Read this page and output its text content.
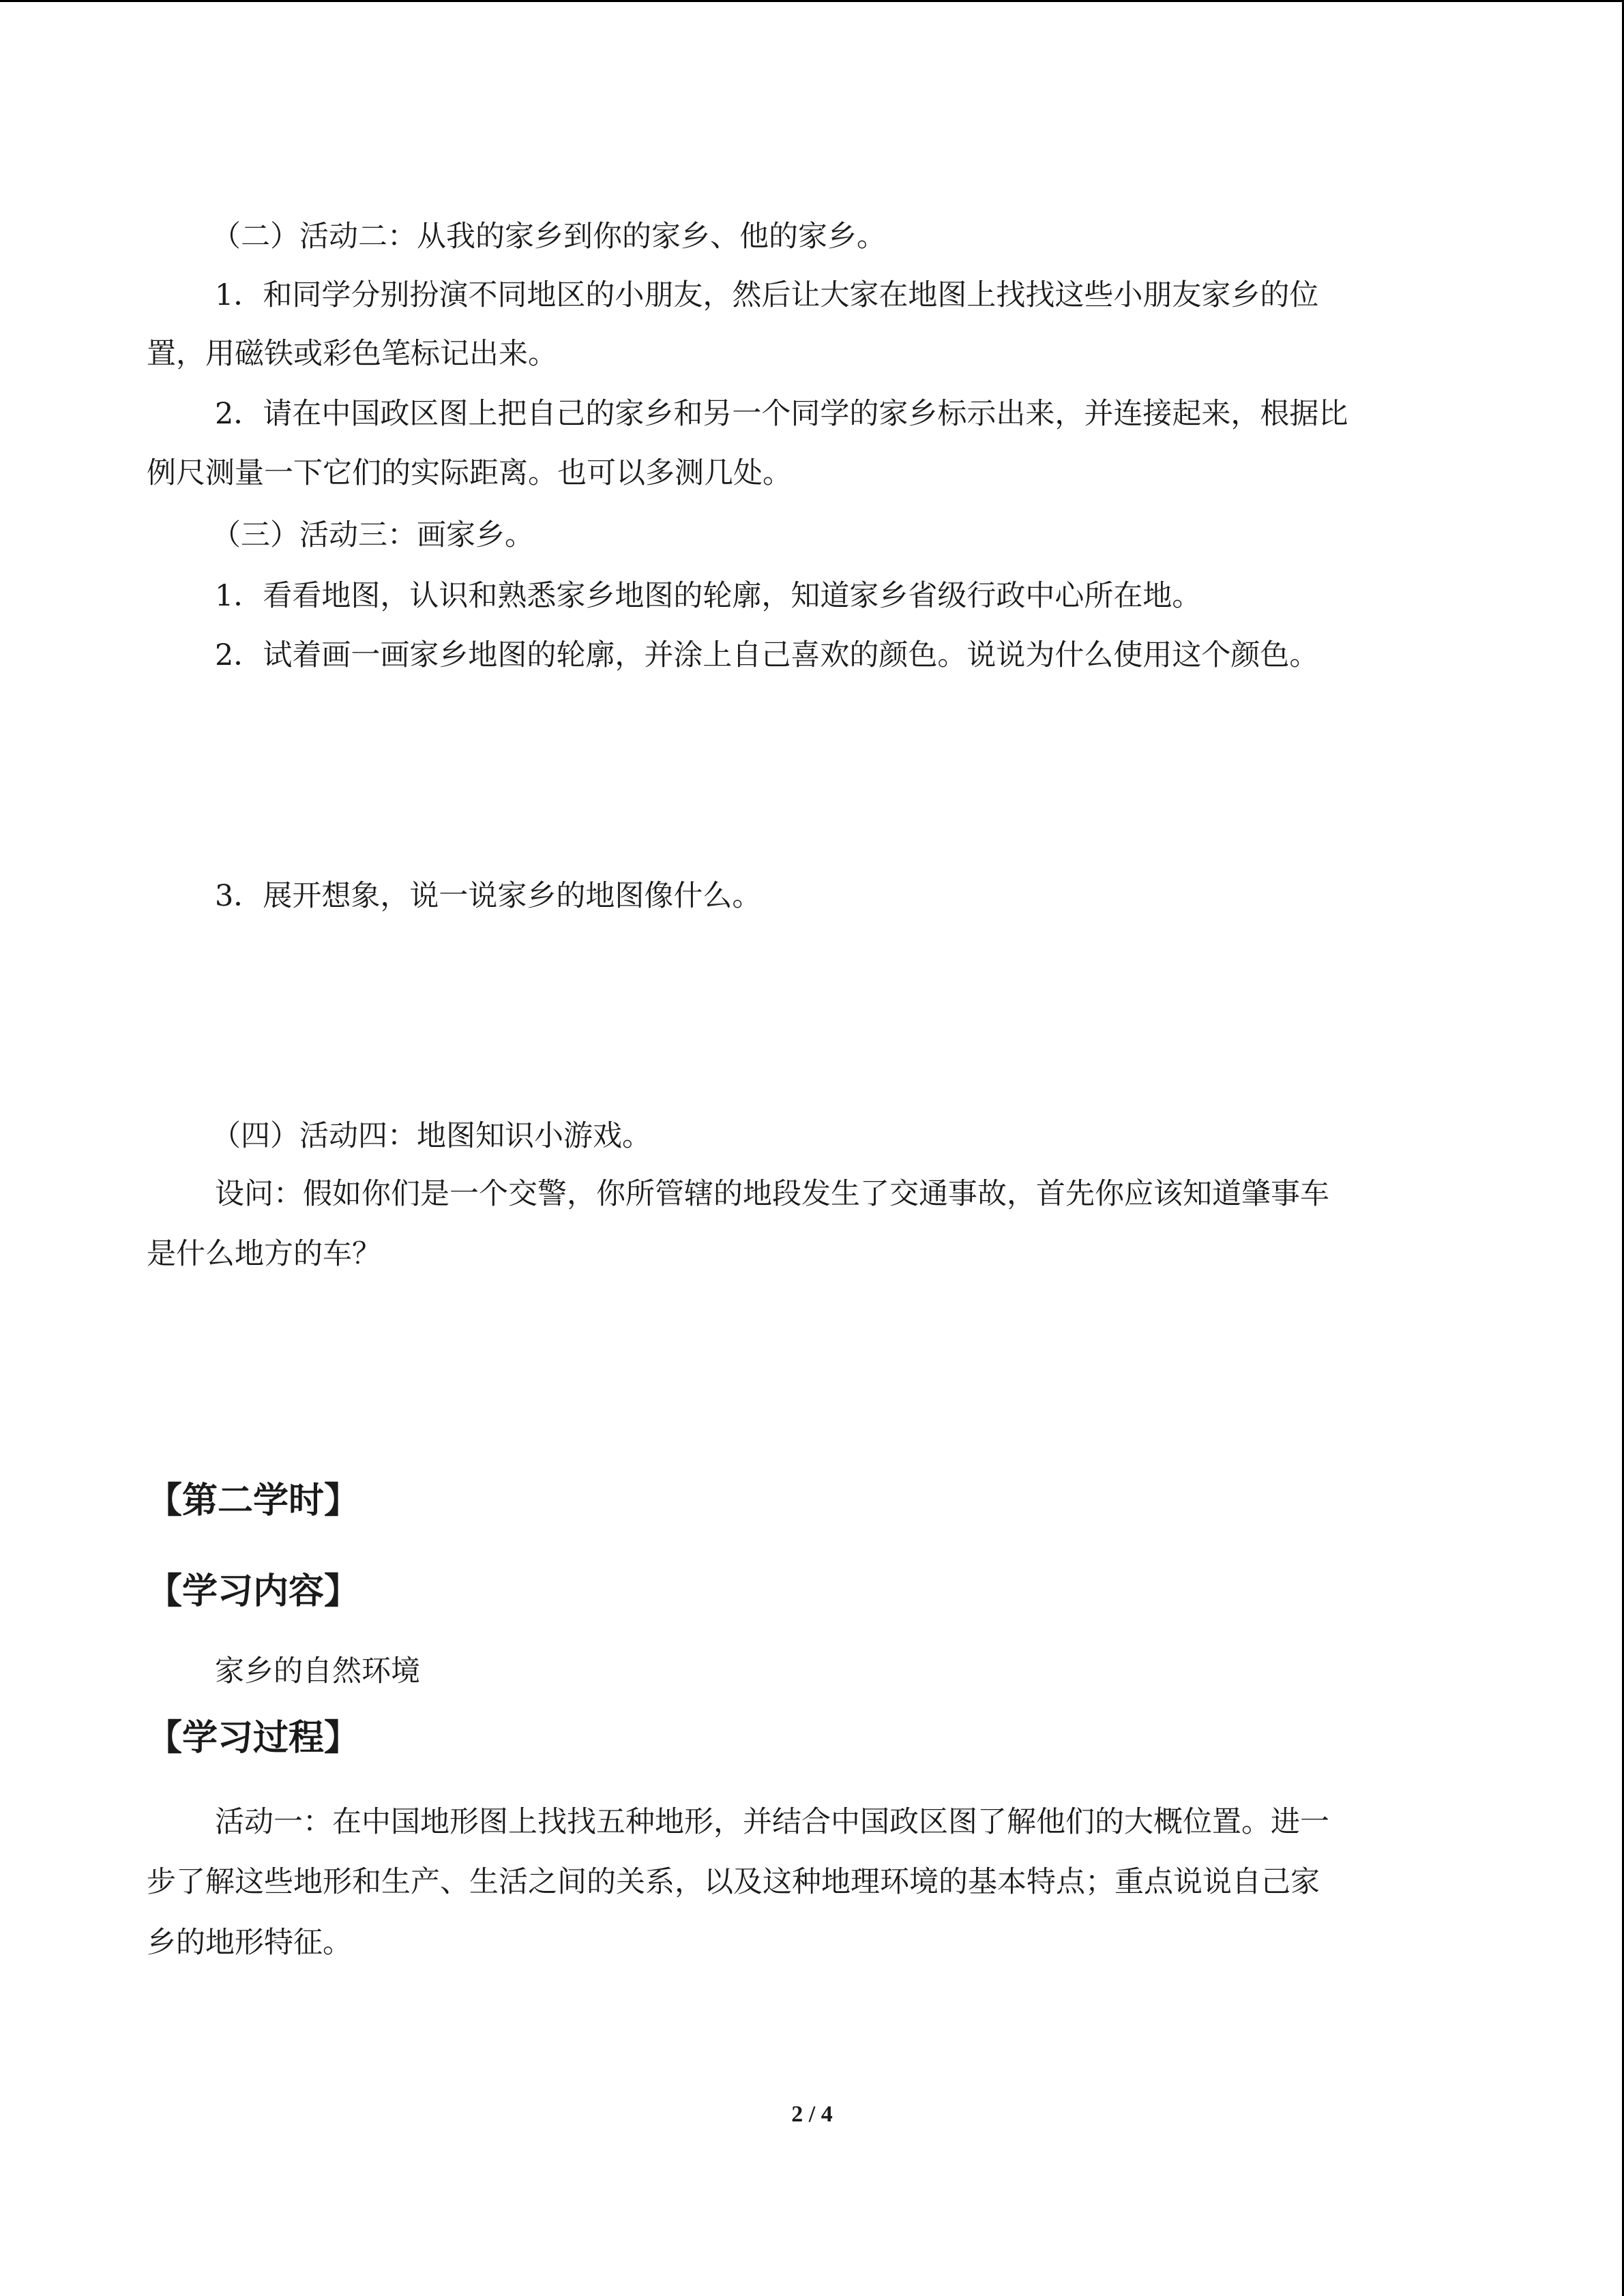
（二）活动二：从我的家乡到你的家乡、他的家乡。
1．和同学分别扮演不同地区的小朋友，然后让大家在地图上找找这些小朋友家乡的位
置，用磁铁或彩色笔标记出来。
2．请在中国政区图上把自己的家乡和另一个同学的家乡标示出来，并连接起来，根据比
例尺测量一下它们的实际距离。也可以多测几处。
（三）活动三：画家乡。
1．看看地图，认识和熟悉家乡地图的轮廓，知道家乡省级行政中心所在地。
2．试着画一画家乡地图的轮廓，并涂上自己喜欢的颜色。说说为什么使用这个颜色。
3．展开想象，说一说家乡的地图像什么。
（四）活动四：地图知识小游戏。
设问：假如你们是一个交警，你所管辖的地段发生了交通事故，首先你应该知道肇事车
是什么地方的车？
【第二学时】
【学习内容】
家乡的自然环境
【学习过程】
活动一：在中国地形图上找找五种地形，并结合中国政区图了解他们的大概位置。进一
步了解这些地形和生产、生活之间的关系，以及这种地理环境的基本特点；重点说说自己家
乡的地形特征。
2 / 4
